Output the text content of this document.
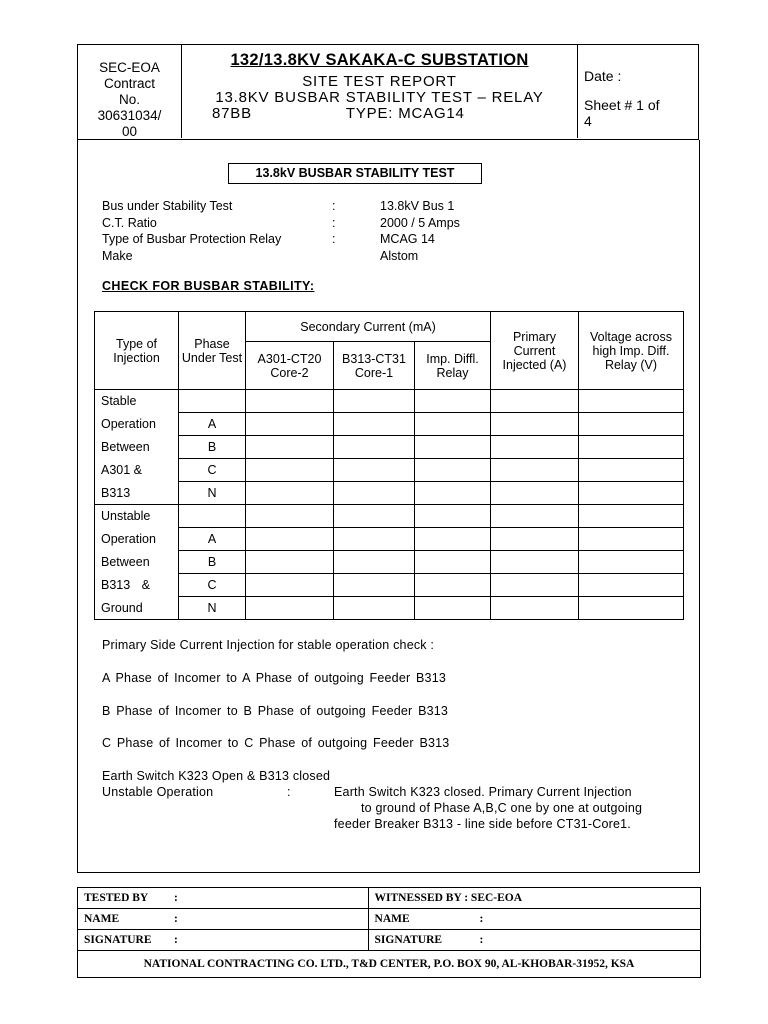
SEC-EOA
Contract
No.
30631034/
00
132/13.8KV SAKAKA-C SUBSTATION
SITE TEST REPORT
13.8KV BUSBAR STABILITY TEST – RELAY
87BB	TYPE: MCAG14
Date :
Sheet # 1 of
4
13.8kV BUSBAR STABILITY TEST
Bus under Stability Test	:	13.8kV Bus 1
C.T. Ratio	:	2000 / 5 Amps
Type of Busbar Protection Relay	:	MCAG 14
Make	Alstom
CHECK FOR BUSBAR STABILITY:
Type of Injection	Phase Under Test	Secondary Current (mA)			Primary Current Injected (A)	Voltage across high Imp. Diff. Relay (V)
		A301-CT20 Core-2	B313-CT31 Core-1	Imp. Diffl. Relay		
Stable						
Operation	A					
Between	B					
A301 &	C					
B313	N					
Unstable						
Operation	A					
Between	B					
B313 &	C					
Ground	N					
Primary Side Current Injection for stable operation check :
A Phase of Incomer to A Phase of outgoing Feeder B313
B Phase of Incomer to B Phase of outgoing Feeder B313
C Phase of Incomer to C Phase of outgoing Feeder B313
Earth Switch K323 Open & B313 closed
Unstable Operation	:	Earth Switch K323 closed. Primary Current Injection
to ground of Phase A,B,C one by one at outgoing
feeder Breaker B313 - line side before CT31-Core1.
TESTED BY :	WITNESSED BY : SEC-EOA
NAME :	NAME :
SIGNATURE :	SIGNATURE :
NATIONAL CONTRACTING CO. LTD., T&D CENTER, P.O. BOX 90, AL-KHOBAR-31952, KSA	
